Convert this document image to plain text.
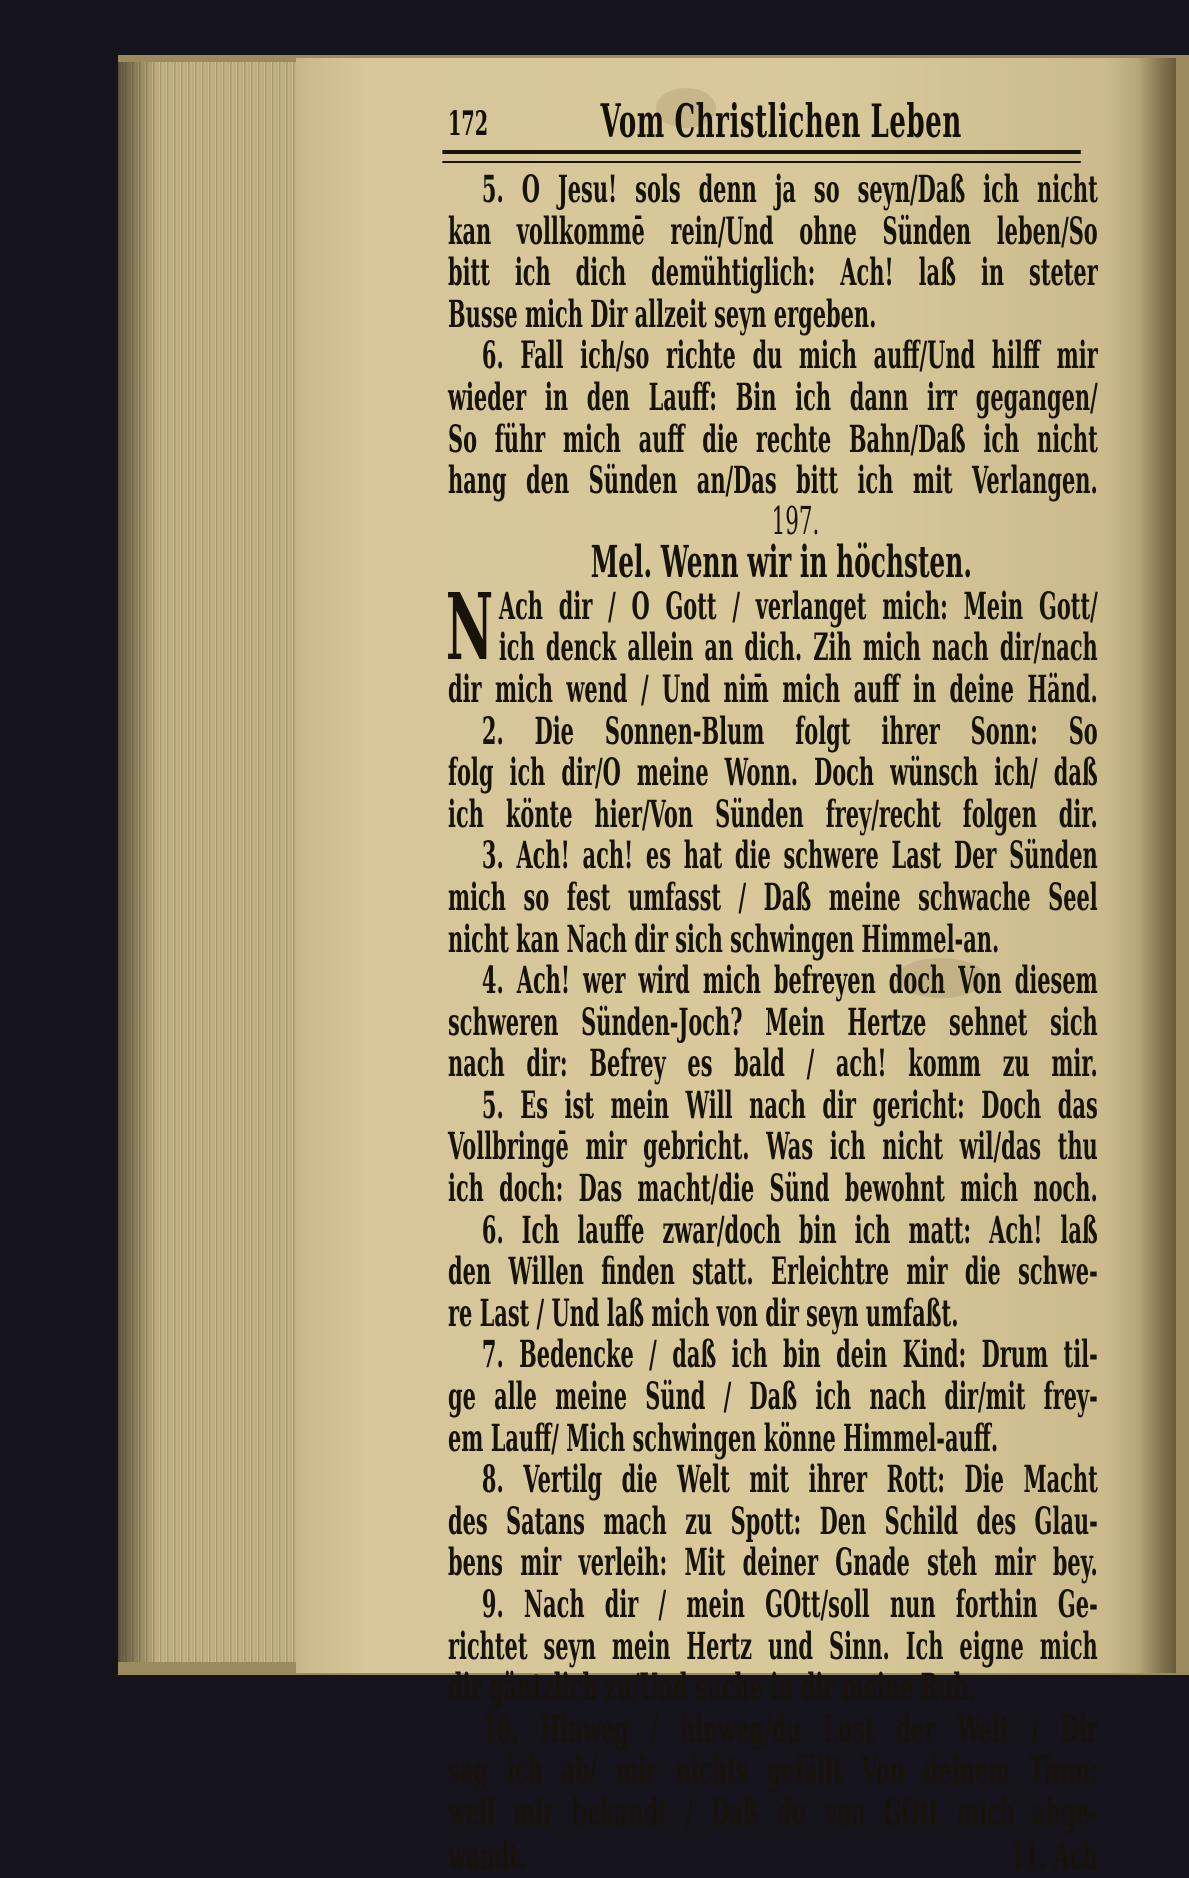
172 Vom Christlichen Leben
5. O Jesu! sols denn ja so seyn/Daß ich nicht
kan vollkommē rein/Und ohne Sünden leben/So
bitt ich dich demühtiglich: Ach! laß in steter
Busse mich Dir allzeit seyn ergeben.
6. Fall ich/so richte du mich auff/Und hilff mir
wieder in den Lauff: Bin ich dann irr gegangen/
So führ mich auff die rechte Bahn/Daß ich nicht
hang den Sünden an/Das bitt ich mit Verlangen.
197.
Mel. Wenn wir in höchsten.
N Ach dir / O Gott / verlanget mich: Mein Gott/
ich denck allein an dich. Zih mich nach dir/nach
dir mich wend / Und nim̄ mich auff in deine Händ.
2. Die Sonnen-Blum folgt ihrer Sonn: So
folg ich dir/O meine Wonn. Doch wünsch ich/ daß
ich könte hier/Von Sünden frey/recht folgen dir.
3. Ach! ach! es hat die schwere Last Der Sünden
mich so fest umfasst / Daß meine schwache Seel
nicht kan Nach dir sich schwingen Himmel-an.
4. Ach! wer wird mich befreyen doch Von diesem
schweren Sünden-Joch? Mein Hertze sehnet sich
nach dir: Befrey es bald / ach! komm zu mir.
5. Es ist mein Will nach dir gericht: Doch das
Vollbringē mir gebricht. Was ich nicht wil/das thu
ich doch: Das macht/die Sünd bewohnt mich noch.
6. Ich lauffe zwar/doch bin ich matt: Ach! laß
den Willen finden statt. Erleichtre mir die schwe-
re Last / Und laß mich von dir seyn umfaßt.
7. Bedencke / daß ich bin dein Kind: Drum til-
ge alle meine Sünd / Daß ich nach dir/mit frey-
em Lauff/ Mich schwingen könne Himmel-auff.
8. Vertilg die Welt mit ihrer Rott: Die Macht
des Satans mach zu Spott: Den Schild des Glau-
bens mir verleih: Mit deiner Gnade steh mir bey.
9. Nach dir / mein GOtt/soll nun forthin Ge-
richtet seyn mein Hertz und Sinn. Ich eigne mich
dir gäntzlich zu/Und suche in dir meine Ruh.
10. Hinweg / hinweg/du Lust der Welt / Dir
sag ich ab/ mir nichts gefällt Von deinem Thun:
weil mir bekandt / Daß du von GOtt mich abge-
wandt.	11. Ach
